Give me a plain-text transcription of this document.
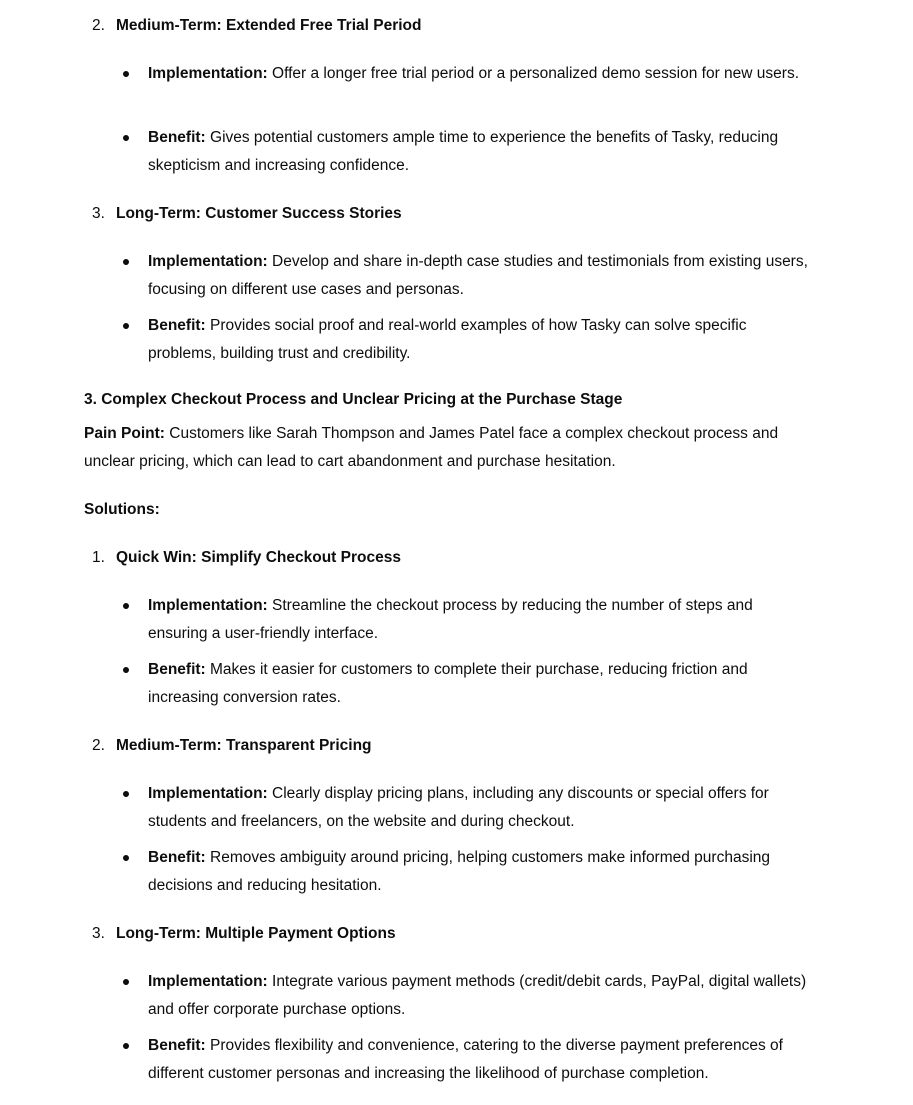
2. Medium-Term: Extended Free Trial Period
Implementation: Offer a longer free trial period or a personalized demo session for new users.
Benefit: Gives potential customers ample time to experience the benefits of Tasky, reducing skepticism and increasing confidence.
3. Long-Term: Customer Success Stories
Implementation: Develop and share in-depth case studies and testimonials from existing users, focusing on different use cases and personas.
Benefit: Provides social proof and real-world examples of how Tasky can solve specific problems, building trust and credibility.
3. Complex Checkout Process and Unclear Pricing at the Purchase Stage
Pain Point: Customers like Sarah Thompson and James Patel face a complex checkout process and unclear pricing, which can lead to cart abandonment and purchase hesitation.
Solutions:
1. Quick Win: Simplify Checkout Process
Implementation: Streamline the checkout process by reducing the number of steps and ensuring a user-friendly interface.
Benefit: Makes it easier for customers to complete their purchase, reducing friction and increasing conversion rates.
2. Medium-Term: Transparent Pricing
Implementation: Clearly display pricing plans, including any discounts or special offers for students and freelancers, on the website and during checkout.
Benefit: Removes ambiguity around pricing, helping customers make informed purchasing decisions and reducing hesitation.
3. Long-Term: Multiple Payment Options
Implementation: Integrate various payment methods (credit/debit cards, PayPal, digital wallets) and offer corporate purchase options.
Benefit: Provides flexibility and convenience, catering to the diverse payment preferences of different customer personas and increasing the likelihood of purchase completion.
